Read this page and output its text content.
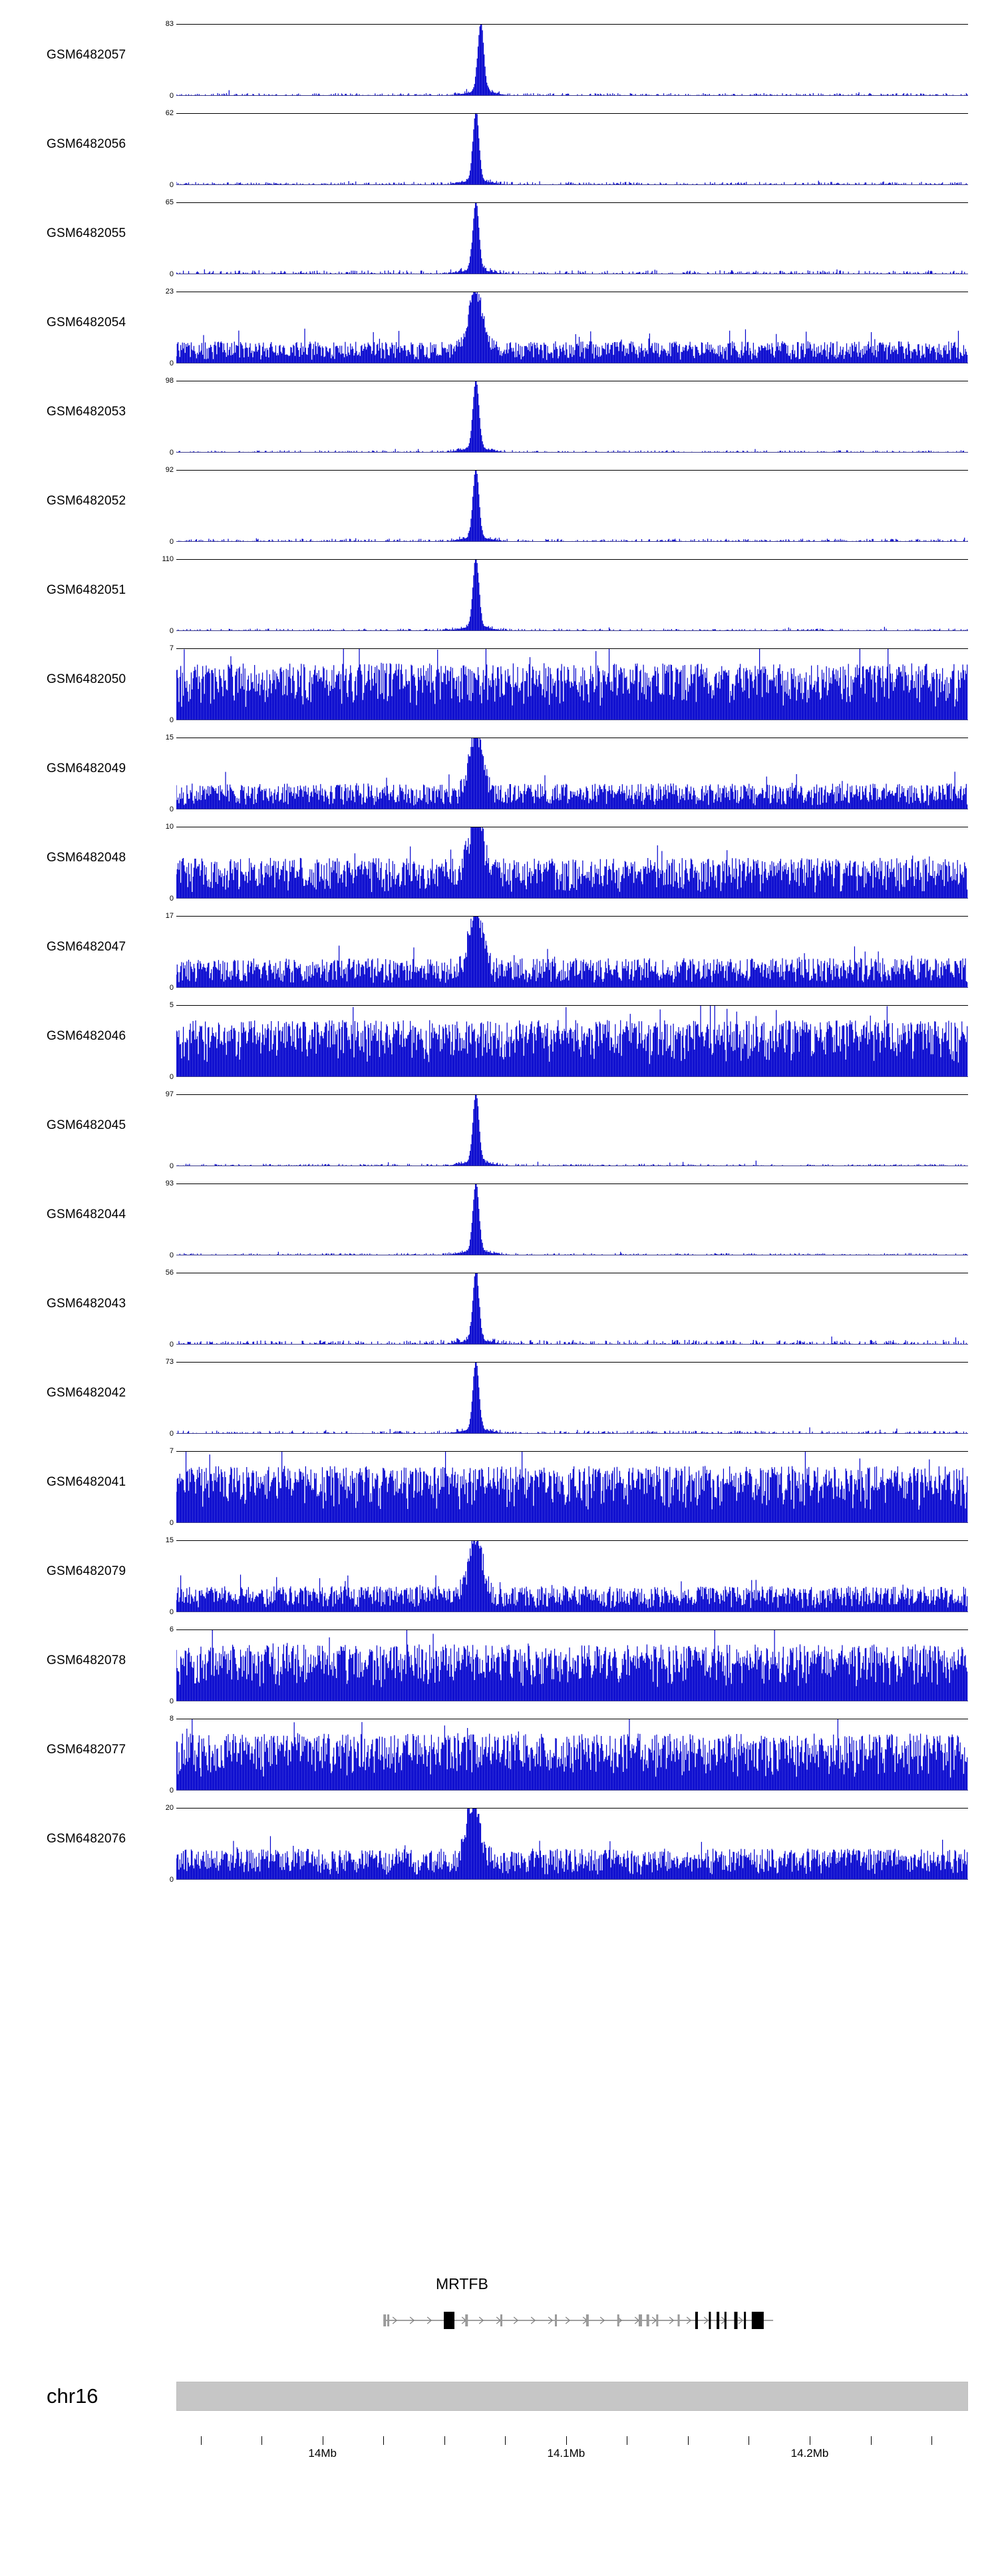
GSM6482057
83
0
GSM6482056
62
0
GSM6482055
65
0
GSM6482054
23
0
GSM6482053
98
0
GSM6482052
92
0
GSM6482051
110
0
GSM6482050
7
0
GSM6482049
15
0
GSM6482048
10
0
GSM6482047
17
0
GSM6482046
5
0
GSM6482045
97
0
GSM6482044
93
0
GSM6482043
56
0
GSM6482042
73
0
GSM6482041
7
0
GSM6482079
15
0
GSM6482078
6
0
GSM6482077
8
0
GSM6482076
20
0
MRTFB
chr16
14Mb	14.1Mb	14.2Mb
